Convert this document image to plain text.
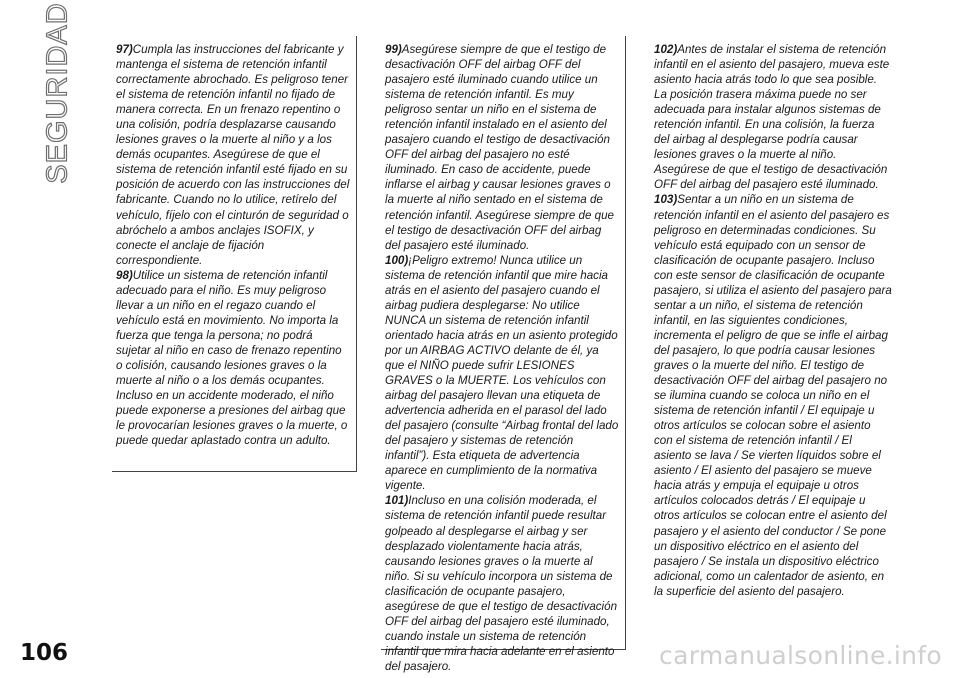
SEGURIDAD	97)Cumpla las instrucciones del fabricante y mantenga el sistema de retención infantil correctamente abrochado. Es peligroso tener el sistema de retención infantil no fijado de manera correcta. En un frenazo repentino o una colisión, podría desplazarse causando lesiones graves o la muerte al niño y a los demás ocupantes. Asegúrese de que el sistema de retención infantil esté fijado en su posición de acuerdo con las instrucciones del fabricante. Cuando no lo utilice, retírelo del vehículo, fíjelo con el cinturón de seguridad o abróchelo a ambos anclajes ISOFIX, y conecte el anclaje de fijación correspondiente.

98)Utilice un sistema de retención infantil adecuado para el niño. Es muy peligroso llevar a un niño en el regazo cuando el vehículo está en movimiento. No importa la fuerza que tenga la persona; no podrá sujetar al niño en caso de frenazo repentino o colisión, causando lesiones graves o la muerte al niño o a los demás ocupantes. Incluso en un accidente moderado, el niño puede exponerse a presiones del airbag que le provocarían lesiones graves o la muerte, o puede quedar aplastado contra un adulto.

99)Asegúrese siempre de que el testigo de desactivación OFF del airbag OFF del pasajero esté iluminado cuando utilice un sistema de retención infantil. Es muy peligroso sentar un niño en el sistema de retención infantil instalado en el asiento del pasajero cuando el testigo de desactivación OFF del airbag del pasajero no esté iluminado. En caso de accidente, puede inflarse el airbag y causar lesiones graves o la muerte al niño sentado en el sistema de retención infantil. Asegúrese siempre de que el testigo de desactivación OFF del airbag del pasajero esté iluminado.

100)¡Peligro extremo! Nunca utilice un sistema de retención infantil que mire hacia atrás en el asiento del pasajero cuando el airbag pudiera desplegarse: No utilice NUNCA un sistema de retención infantil orientado hacia atrás en un asiento protegido por un AIRBAG ACTIVO delante de él, ya que el NIÑO puede sufrir LESIONES GRAVES o la MUERTE. Los vehículos con airbag del pasajero llevan una etiqueta de advertencia adherida en el parasol del lado del pasajero (consulte “Airbag frontal del lado del pasajero y sistemas de retención infantil”). Esta etiqueta de advertencia aparece en cumplimiento de la normativa vigente.

101)Incluso en una colisión moderada, el sistema de retención infantil puede resultar golpeado al desplegarse el airbag y ser desplazado violentamente hacia atrás, causando lesiones graves o la muerte al niño. Si su vehículo incorpora un sistema de clasificación de ocupante pasajero, asegúrese de que el testigo de desactivación OFF del airbag del pasajero esté iluminado, cuando instale un sistema de retención infantil que mira hacia adelante en el asiento del pasajero.

102)Antes de instalar el sistema de retención infantil en el asiento del pasajero, mueva este asiento hacia atrás todo lo que sea posible. La posición trasera máxima puede no ser adecuada para instalar algunos sistemas de retención infantil. En una colisión, la fuerza del airbag al desplegarse podría causar lesiones graves o la muerte al niño. Asegúrese de que el testigo de desactivación OFF del airbag del pasajero esté iluminado.

103)Sentar a un niño en un sistema de retención infantil en el asiento del pasajero es peligroso en determinadas condiciones. Su vehículo está equipado con un sensor de clasificación de ocupante pasajero. Incluso con este sensor de clasificación de ocupante pasajero, si utiliza el asiento del pasajero para sentar a un niño, el sistema de retención infantil, en las siguientes condiciones, incrementa el peligro de que se infle el airbag del pasajero, lo que podría causar lesiones graves o la muerte del niño. El testigo de desactivación OFF del airbag del pasajero no se ilumina cuando se coloca un niño en el sistema de retención infantil / El equipaje u otros artículos se colocan sobre el asiento con el sistema de retención infantil / El asiento se lava / Se vierten líquidos sobre el asiento / El asiento del pasajero se mueve hacia atrás y empuja el equipaje u otros artículos colocados detrás / El equipaje u otros artículos se colocan entre el asiento del pasajero y el asiento del conductor / Se pone un dispositivo eléctrico en el asiento del pasajero / Se instala un dispositivo eléctrico adicional, como un calentador de asiento, en la superficie del asiento del pasajero.

106	carmanualsonline.info
